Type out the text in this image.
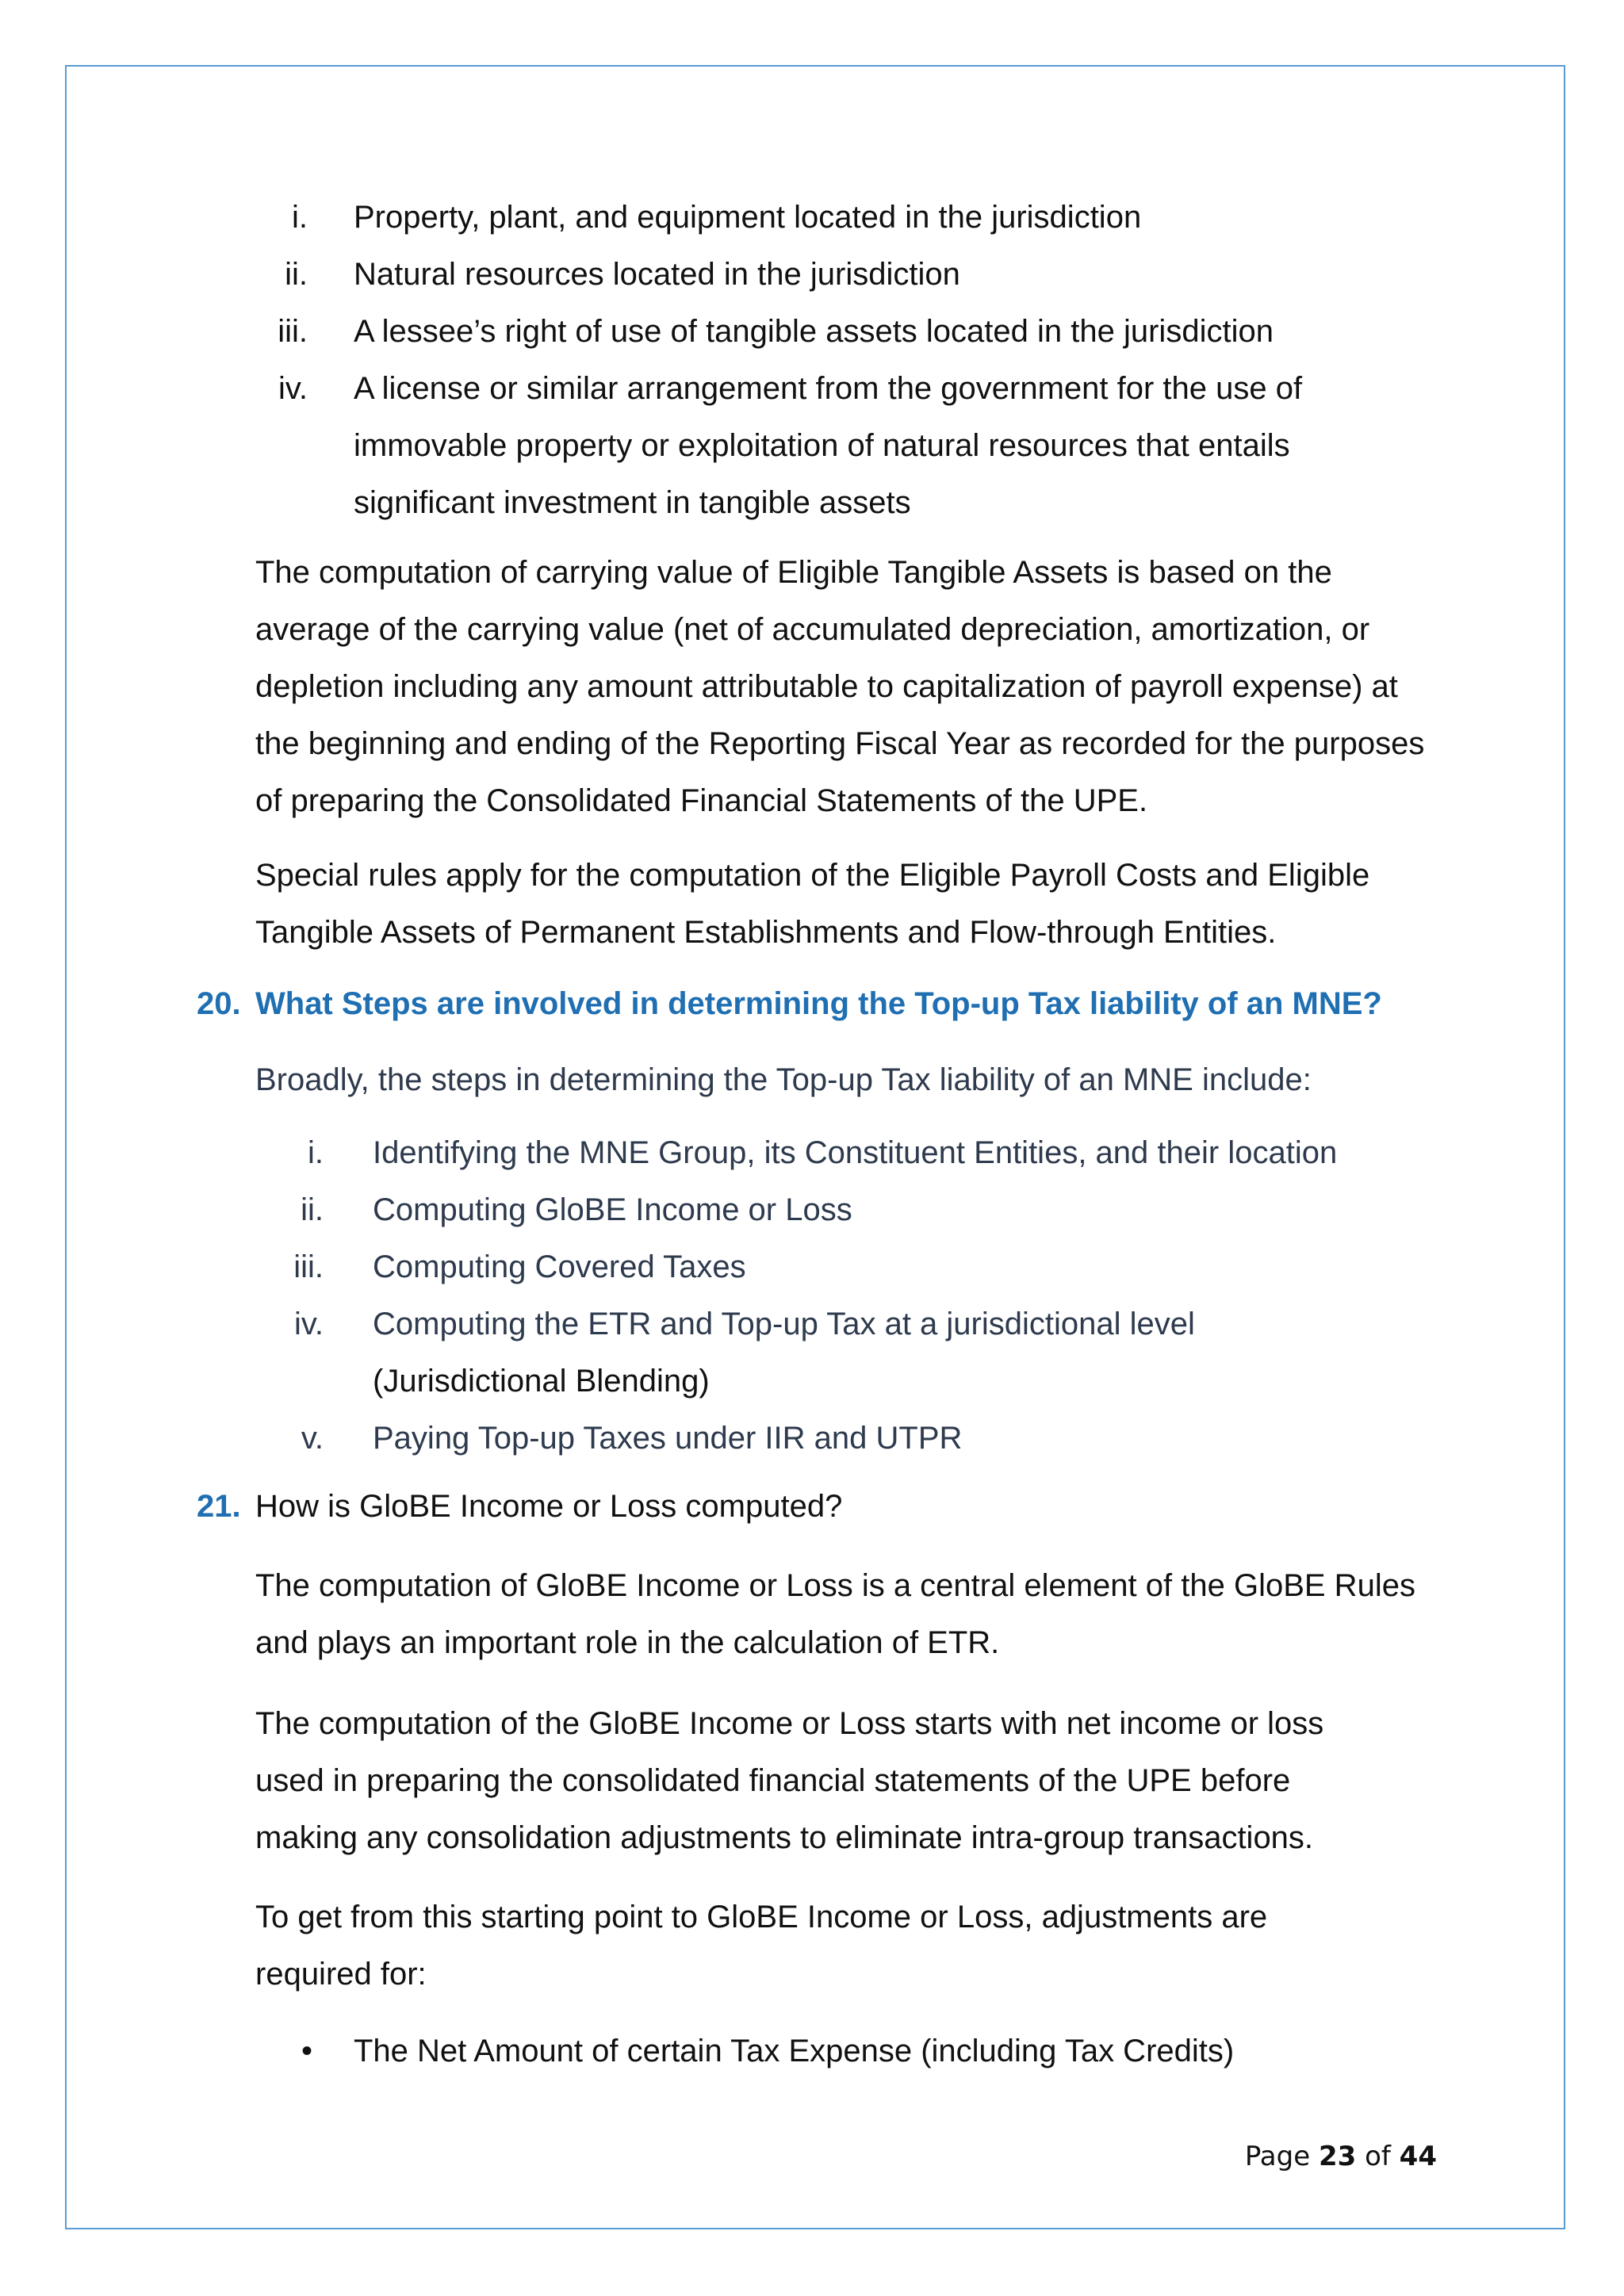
i. Property, plant, and equipment located in the jurisdiction
ii. Natural resources located in the jurisdiction
iii. A lessee’s right of use of tangible assets located in the jurisdiction
iv. A license or similar arrangement from the government for the use of immovable property or exploitation of natural resources that entails significant investment in tangible assets

The computation of carrying value of Eligible Tangible Assets is based on the average of the carrying value (net of accumulated depreciation, amortization, or depletion including any amount attributable to capitalization of payroll expense) at the beginning and ending of the Reporting Fiscal Year as recorded for the purposes of preparing the Consolidated Financial Statements of the UPE.

Special rules apply for the computation of the Eligible Payroll Costs and Eligible Tangible Assets of Permanent Establishments and Flow-through Entities.

20. What Steps are involved in determining the Top-up Tax liability of an MNE?

Broadly, the steps in determining the Top-up Tax liability of an MNE include:

i. Identifying the MNE Group, its Constituent Entities, and their location
ii. Computing GloBE Income or Loss
iii. Computing Covered Taxes
iv. Computing the ETR and Top-up Tax at a jurisdictional level
(Jurisdictional Blending)
v. Paying Top-up Taxes under IIR and UTPR
21. How is GloBE Income or Loss computed?

The computation of GloBE Income or Loss is a central element of the GloBE Rules and plays an important role in the calculation of ETR.

The computation of the GloBE Income or Loss starts with net income or loss used in preparing the consolidated financial statements of the UPE before making any consolidation adjustments to eliminate intra-group transactions.

To get from this starting point to GloBE Income or Loss, adjustments are required for:

• The Net Amount of certain Tax Expense (including Tax Credits)

Page 23 of 44
